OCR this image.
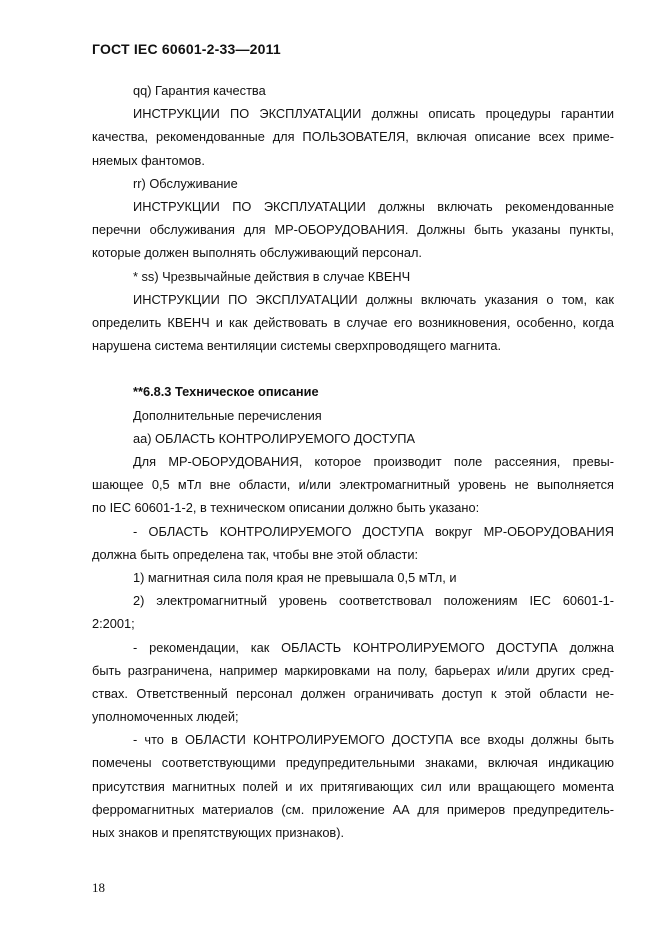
ГОСТ IEC 60601-2-33—2011
qq) Гарантия качества
ИНСТРУКЦИИ ПО ЭКСПЛУАТАЦИИ должны описать процедуры гарантии
качества, рекомендованные для ПОЛЬЗОВАТЕЛЯ, включая описание всех приме-
няемых фантомов.
rr) Обслуживание
ИНСТРУКЦИИ ПО ЭКСПЛУАТАЦИИ должны включать рекомендованные
перечни обслуживания для МР-ОБОРУДОВАНИЯ. Должны быть указаны пункты,
которые должен выполнять обслуживающий персонал.
* ss) Чрезвычайные действия в случае КВЕНЧ
ИНСТРУКЦИИ ПО ЭКСПЛУАТАЦИИ должны включать указания о том, как
определить КВЕНЧ и как действовать в случае его возникновения, особенно, когда
нарушена система вентиляции системы сверхпроводящего магнита.
**6.8.3 Техническое описание
Дополнительные перечисления
аа) ОБЛАСТЬ КОНТРОЛИРУЕМОГО ДОСТУПА
Для МР-ОБОРУДОВАНИЯ, которое производит поле рассеяния, превы-
шающее 0,5 мТл вне области, и/или электромагнитный уровень не выполняется
по IEC 60601-1-2, в техническом описании должно быть указано:
- ОБЛАСТЬ КОНТРОЛИРУЕМОГО ДОСТУПА вокруг МР-ОБОРУДОВАНИЯ
должна быть определена так, чтобы вне этой области:
1) магнитная сила поля края не превышала 0,5 мТл, и
2) электромагнитный уровень соответствовал положениям IEC 60601-1-
2:2001;
- рекомендации, как ОБЛАСТЬ КОНТРОЛИРУЕМОГО ДОСТУПА должна
быть разграничена, например маркировками на полу, барьерах и/или других сред-
ствах. Ответственный персонал должен ограничивать доступ к этой области не-
уполномоченных людей;
- что в ОБЛАСТИ КОНТРОЛИРУЕМОГО ДОСТУПА все входы должны быть
помечены соответствующими предупредительными знаками, включая индикацию
присутствия магнитных полей и их притягивающих сил или вращающего момента
ферромагнитных материалов (см. приложение АА для примеров предупредитель-
ных знаков и препятствующих признаков).
18
